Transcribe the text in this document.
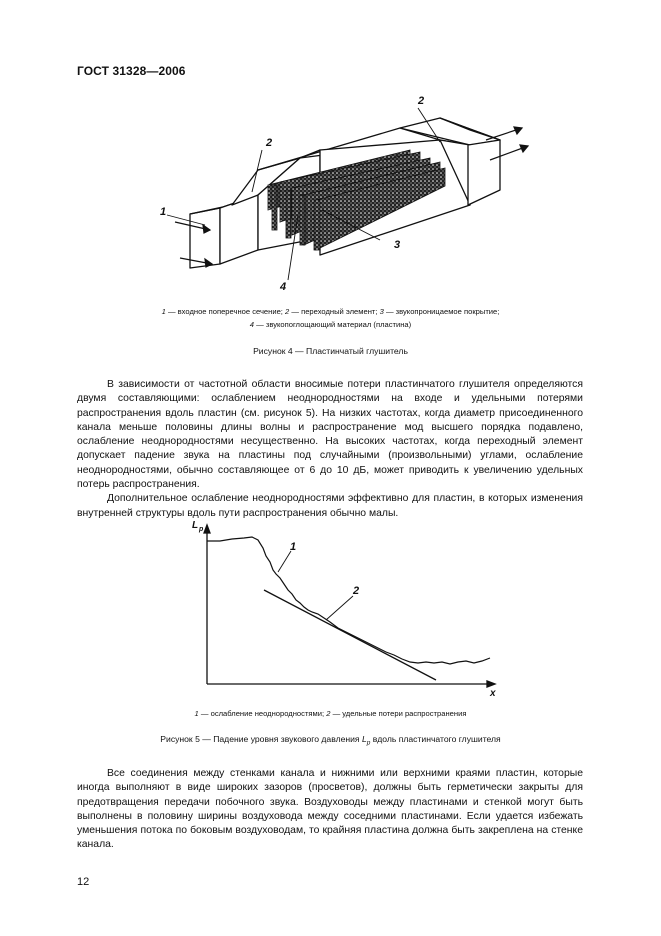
ГОСТ 31328—2006
1
2
2
3
4
1 — входное поперечное сечение; 2 — переходный элемент; 3 — звукопроницаемое покрытие;
4 — звукопоглощающий материал (пластина)
Рисунок 4 — Пластинчатый глушитель

В зависимости от частотной области вносимые потери пластинчатого глушителя определяются двумя составляющими: ослаблением неоднородностями на входе и удельными потерями распространения вдоль пластин (см. рисунок 5). На низких частотах, когда диаметр присоединенного канала меньше половины длины волны и распространение мод высшего порядка подавлено, ослабление неоднородностями несущественно. На высоких частотах, когда переходный элемент допускает падение звука на пластины под случайными (произвольными) углами, ослабление неоднородностями, обычно составляющее от 6 до 10 дБ, может приводить к увеличению удельных потерь распространения.

Дополнительное ослабление неоднородностями эффективно для пластин, в которых изменения внутренней структуры вдоль пути распространения обычно малы.

L p
x
1
2
1 — ослабление неоднородностями; 2 — удельные потери распространения
Рисунок 5 — Падение уровня звукового давления $L_p$ вдоль пластинчатого глушителя

Все соединения между стенками канала и нижними или верхними краями пластин, которые иногда выполняют в виде широких зазоров (просветов), должны быть герметически закрыты для предотвращения передачи побочного звука. Воздуховоды между пластинами и стенкой могут быть выполнены в половину ширины воздуховода между соседними пластинами. Если удается избежать уменьшения потока по боковым воздуховодам, то крайняя пластина должна быть закреплена на стенке канала.

12
